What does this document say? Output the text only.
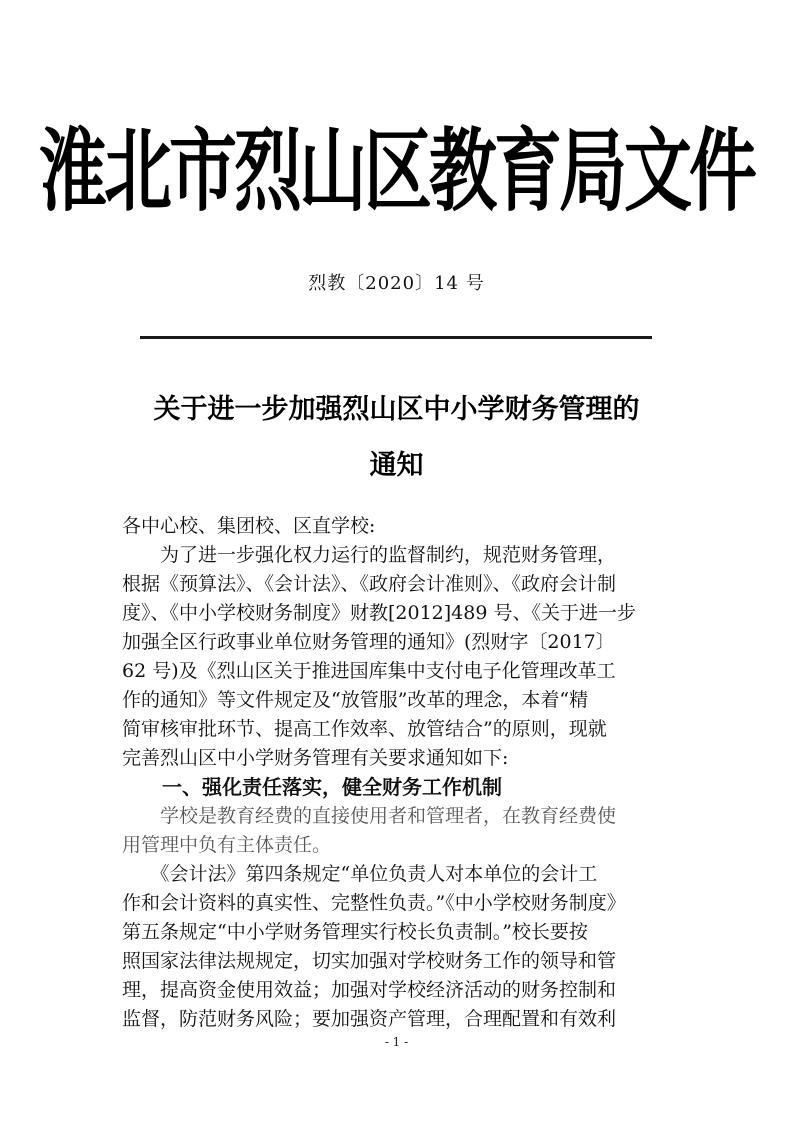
淮北市烈山区教育局文件
烈教〔2020〕14 号
关于进一步加强烈山区中小学财务管理的
通知
各中心校、集团校、区直学校:
　　为了进一步强化权力运行的监督制约，规范财务管理，
根据《预算法》、《会计法》、《政府会计准则》、《政府会计制
度》、《中小学校财务制度》财教[2012]489 号、《关于进一步
加强全区行政事业单位财务管理的通知》(烈财字〔2017〕
62 号)及《烈山区关于推进国库集中支付电子化管理改革工
作的通知》等文件规定及“放管服”改革的理念，本着“精
简审核审批环节、提高工作效率、放管结合”的原则，现就
完善烈山区中小学财务管理有关要求通知如下:
一、强化责任落实，健全财务工作机制
　　学校是教育经费的直接使用者和管理者，在教育经费使
用管理中负有主体责任。
　　《会计法》第四条规定“单位负责人对本单位的会计工
作和会计资料的真实性、完整性负责。”《中小学校财务制度》
第五条规定“中小学财务管理实行校长负责制。”校长要按
照国家法律法规规定，切实加强对学校财务工作的领导和管
理，提高资金使用效益；加强对学校经济活动的财务控制和
监督，防范财务风险；要加强资产管理，合理配置和有效利
- 1 -
